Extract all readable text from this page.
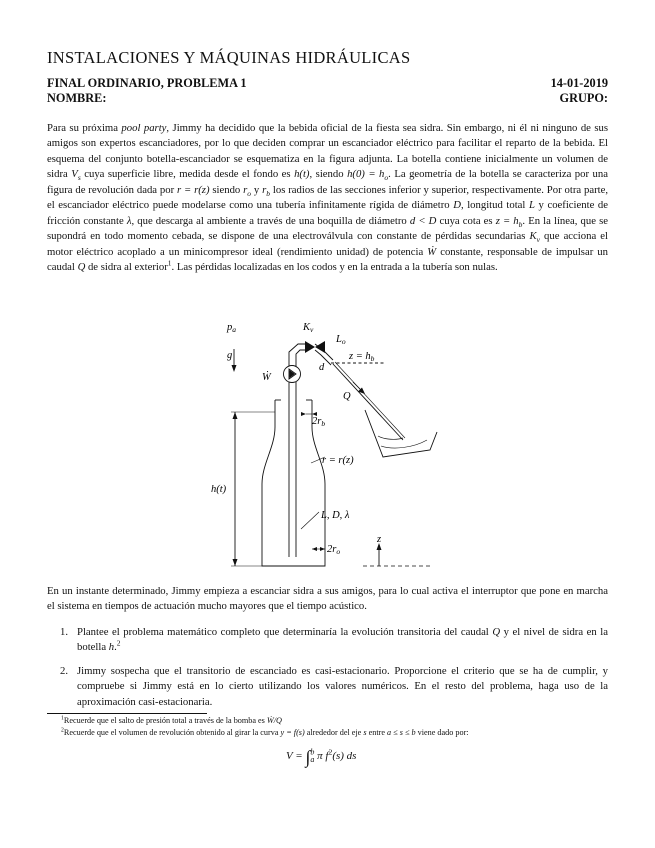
INSTALACIONES Y MÁQUINAS HIDRÁULICAS
FINAL ORDINARIO, PROBLEMA 1	14-01-2019
NOMBRE:	GRUPO:

Para su próxima pool party, Jimmy ha decidido que la bebida oficial de la fiesta sea sidra. Sin embargo, ni él ni ninguno de sus amigos son expertos escanciadores, por lo que deciden comprar un escanciador eléctrico para facilitar el reparto de la bebida. El esquema del conjunto botella-escanciador se esquematiza en la figura adjunta. La botella contiene inicialmente un volumen de sidra $V_s$ cuya superficie libre, medida desde el fondo es h(t), siendo $h(0) = h_o$. La geometría de la botella se caracteriza por una figura de revolución dada por r = r(z) siendo $r_o$ y $r_b$ los radios de las secciones inferior y superior, respectivamente. Por otra parte, el escanciador eléctrico puede modelarse como una tubería infinitamente rígida de diámetro D, longitud total L y coeficiente de fricción constante λ, que descarga al ambiente a través de una boquilla de diámetro d < D cuya cota es $z = h_b$. En la línea, que se supondrá en todo momento cebada, se dispone de una electroválvula con constante de pérdidas secundarias $K_v$ que acciona el motor eléctrico acoplado a un minicompresor ideal (rendimiento unidad) de potencia Ẇ constante, responsable de impulsar un caudal Q de sidra al exterior$^1$. Las pérdidas localizadas en los codos y en la entrada a la tubería son nulas.

pa
g
Kv
Lo
d
z = hb
Ẇ
Q
2rb
r = r(z)
h(t)
L, D, λ
2ro
z

En un instante determinado, Jimmy empieza a escanciar sidra a sus amigos, para lo cual activa el interruptor que pone en marcha el sistema en tiempos de actuación mucho mayores que el tiempo acústico.

1. Plantee el problema matemático completo que determinaría la evolución transitoria del caudal Q y el nivel de sidra en la botella h.$^2$
2. Jimmy sospecha que el transitorio de escanciado es casi-estacionario. Proporcione el criterio que se ha de cumplir, y compruebe si Jimmy está en lo cierto utilizando los valores numéricos. En el resto del problema, haga uso de la aproximación casi-estacionaria.
$^1$Recuerde que el salto de presión total a través de la bomba es Ẇ/Q
$^2$Recuerde que el volumen de revolución obtenido al girar la curva y = f(s) alrededor del eje s entre a ≤ s ≤ b viene dado por:
V = ∫$^b_a$ π $f^2(s)$ ds
